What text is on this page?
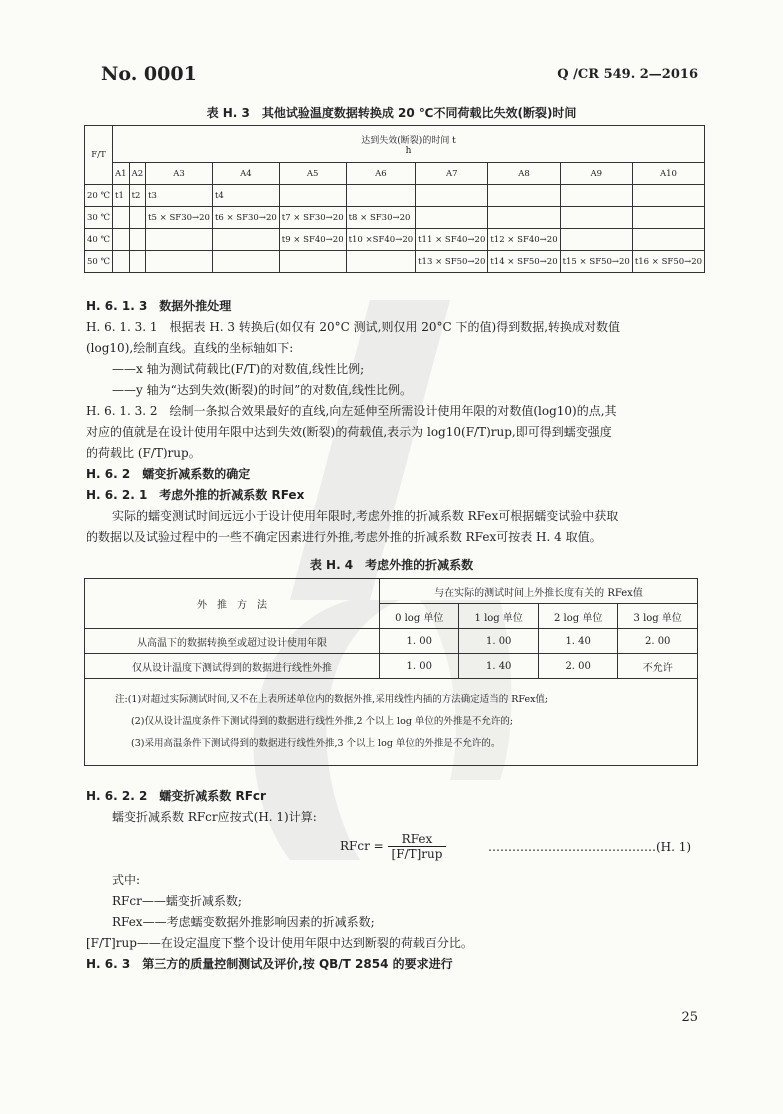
No. 0001	Q /CR 549. 2—2016
表 H. 3　其他试验温度数据转换成 20 ℃不同荷载比失效(断裂)时间
F/T	达到失效(断裂)的时间 t
h									
	A1	A2	A3	A4	A5	A6	A7	A8	A9	A10
20 ℃	t1	t2	t3	t4						
30 ℃			t5 × SF30→20	t6 × SF30→20	t7 × SF30→20	t8 × SF30→20				
40 ℃					t9 × SF40→20	t10 ×SF40→20	t11 × SF40→20	t12 × SF40→20		
50 ℃							t13 × SF50→20	t14 × SF50→20	t15 × SF50→20	t16 × SF50→20
H. 6. 1. 3　数据外推处理
H. 6. 1. 3. 1　根据表 H. 3 转换后(如仅有 20°C 测试,则仅用 20°C 下的值)得到数据,转换成对数值
(log10),绘制直线。直线的坐标轴如下:
——x 轴为测试荷载比(F/T)的对数值,线性比例;
——y 轴为“达到失效(断裂)的时间”的对数值,线性比例。
H. 6. 1. 3. 2　绘制一条拟合效果最好的直线,向左延伸至所需设计使用年限的对数值(log10)的点,其
对应的值就是在设计使用年限中达到失效(断裂)的荷载值,表示为 log10(F/T)rup,即可得到蠕变强度
的荷载比 (F/T)rup。
H. 6. 2　蠕变折减系数的确定
H. 6. 2. 1　考虑外推的折减系数 RFex
实际的蠕变测试时间远远小于设计使用年限时,考虑外推的折减系数 RFex可根据蠕变试验中获取
的数据以及试验过程中的一些不确定因素进行外推,考虑外推的折减系数 RFex可按表 H. 4 取值。
表 H. 4　考虑外推的折减系数
外　推　方　法	与在实际的测试时间上外推长度有关的 RFex值			
	0 log 单位	1 log 单位	2 log 单位	3 log 单位
从高温下的数据转换至或超过设计使用年限	1. 00	1. 00	1. 40	2. 00
仅从设计温度下测试得到的数据进行线性外推	1. 00	1. 40	2. 00	不允许

注:(1)对超过实际测试时间,又不在上表所述单位内的数据外推,采用线性内插的方法确定适当的 RFex值;
(2)仅从设计温度条件下测试得到的数据进行线性外推,2 个以上 log 单位的外推是不允许的;
(3)采用高温条件下测试得到的数据进行线性外推,3 个以上 log 单位的外推是不允许的。				
H. 6. 2. 2　蠕变折减系数 RFcr
蠕变折减系数 RFcr应按式(H. 1)计算:
RFcr = $\frac{\text{RFex}}{\text{[F/T]rup}}$	……………………………………(H. 1)
式中:
RFcr——蠕变折减系数;
RFex——考虑蠕变数据外推影响因素的折减系数;
[F/T]rup——在设定温度下整个设计使用年限中达到断裂的荷载百分比。
H. 6. 3　第三方的质量控制测试及评价,按 QB/T 2854 的要求进行
25
